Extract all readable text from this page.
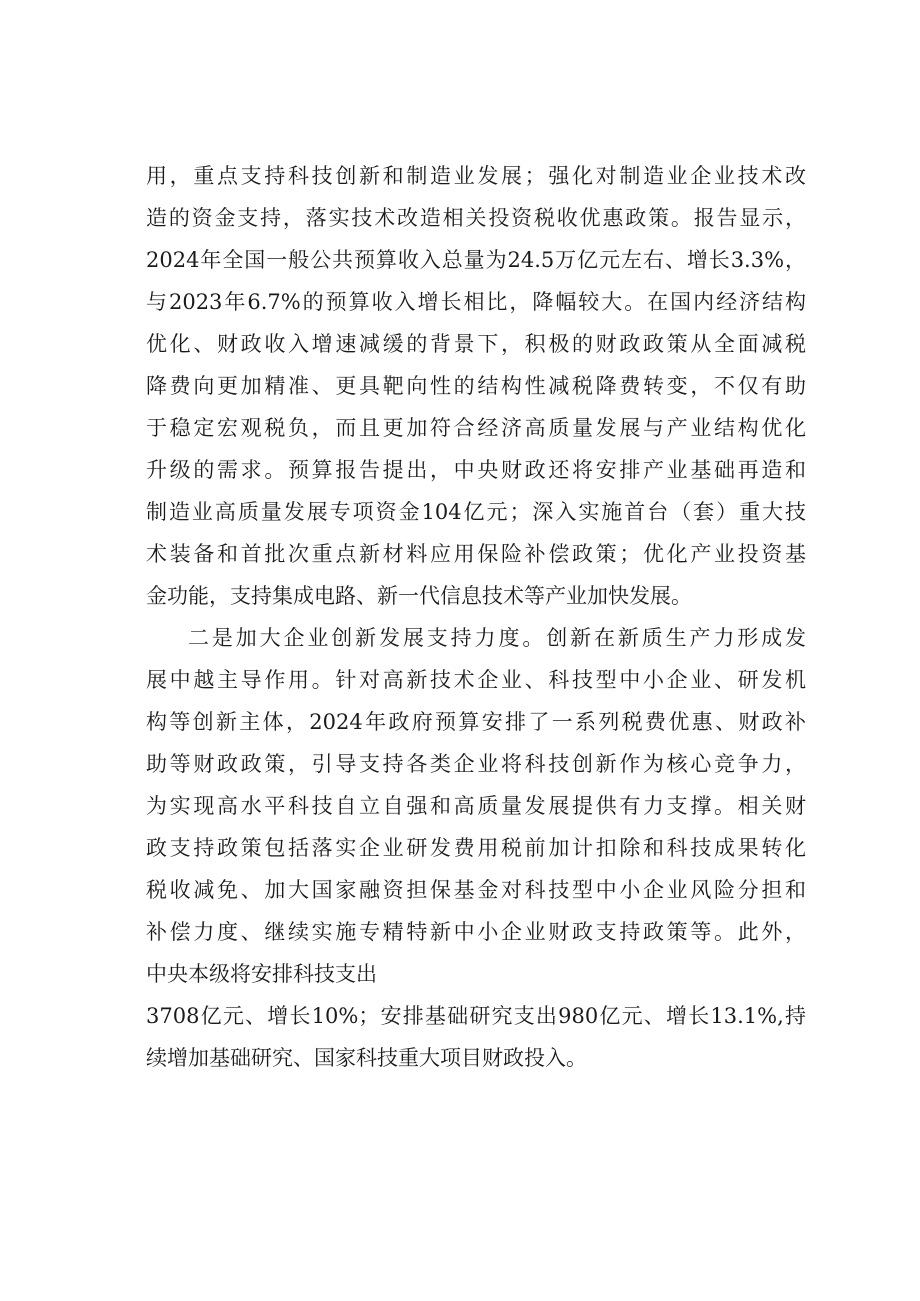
用，重点支持科技创新和制造业发展；强化对制造业企业技术改
造的资金支持，落实技术改造相关投资税收优惠政策。报告显示，
2024年全国一般公共预算收入总量为24.5万亿元左右、增长3.3%，
与2023年6.7%的预算收入增长相比，降幅较大。在国内经济结构
优化、财政收入增速减缓的背景下，积极的财政政策从全面减税
降费向更加精准、更具靶向性的结构性减税降费转变，不仅有助
于稳定宏观税负，而且更加符合经济高质量发展与产业结构优化
升级的需求。预算报告提出，中央财政还将安排产业基础再造和
制造业高质量发展专项资金104亿元；深入实施首台（套）重大技
术装备和首批次重点新材料应用保险补偿政策；优化产业投资基
金功能，支持集成电路、新一代信息技术等产业加快发展。
二是加大企业创新发展支持力度。创新在新质生产力形成发
展中越主导作用。针对高新技术企业、科技型中小企业、研发机
构等创新主体，2024年政府预算安排了一系列税费优惠、财政补
助等财政政策，引导支持各类企业将科技创新作为核心竞争力，
为实现高水平科技自立自强和高质量发展提供有力支撑。相关财
政支持政策包括落实企业研发费用税前加计扣除和科技成果转化
税收减免、加大国家融资担保基金对科技型中小企业风险分担和
补偿力度、继续实施专精特新中小企业财政支持政策等。此外，
中央本级将安排科技支出
3708亿元、增长10%；安排基础研究支出980亿元、增长13.1%,持
续增加基础研究、国家科技重大项目财政投入。
